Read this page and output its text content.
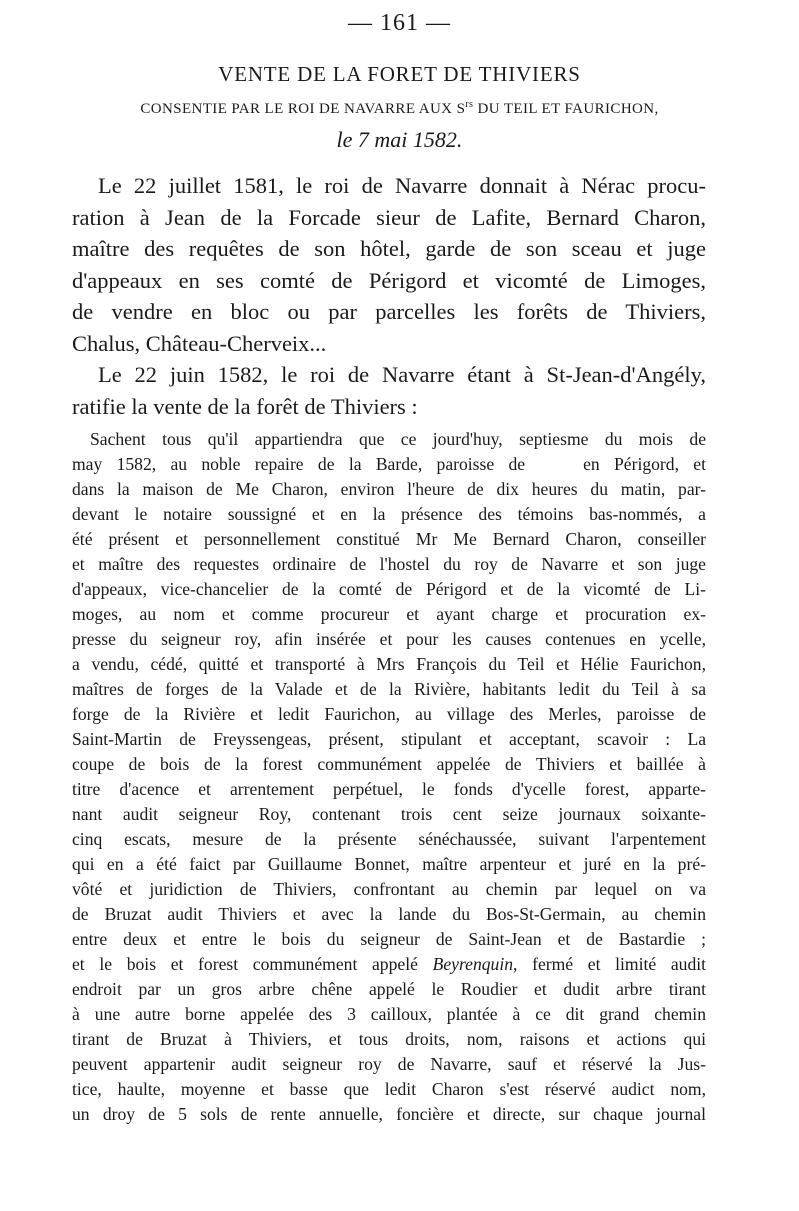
— 161 —
VENTE DE LA FORET DE THIVIERS
CONSENTIE PAR LE ROI DE NAVARRE AUX $S^{rs}$ DU TEIL ET FAURICHON,
le 7 mai 1582.

Le 22 juillet 1581, le roi de Navarre donnait à Nérac procu-
ration à Jean de la Forcade sieur de Lafite, Bernard Charon,
maître des requêtes de son hôtel, garde de son sceau et juge
d'appeaux en ses comté de Périgord et vicomté de Limoges,
de vendre en bloc ou par parcelles les forêts de Thiviers,
Chalus, Château-Cherveix...

Le 22 juin 1582, le roi de Navarre étant à St-Jean-d'Angély,
ratifie la vente de la forêt de Thiviers :

Sachent tous qu'il appartiendra que ce jourd'huy, septiesme du mois de
may 1582, au noble repaire de la Barde, paroisse de	en Périgord, et
dans la maison de Me Charon, environ l'heure de dix heures du matin, par-
devant le notaire soussigné et en la présence des témoins bas-nommés, a
été présent et personnellement constitué Mr Me Bernard Charon, conseiller
et maître des requestes ordinaire de l'hostel du roy de Navarre et son juge
d'appeaux, vice-chancelier de la comté de Périgord et de la vicomté de Li-
moges, au nom et comme procureur et ayant charge et procuration ex-
presse du seigneur roy, afin insérée et pour les causes contenues en ycelle,
a vendu, cédé, quitté et transporté à Mrs François du Teil et Hélie Faurichon,
maîtres de forges de la Valade et de la Rivière, habitants ledit du Teil à sa
forge de la Rivière et ledit Faurichon, au village des Merles, paroisse de
Saint-Martin de Freyssengeas, présent, stipulant et acceptant, scavoir : La
coupe de bois de la forest communément appelée de Thiviers et baillée à
titre d'acence et arrentement perpétuel, le fonds d'ycelle forest, apparte-
nant audit seigneur Roy, contenant trois cent seize journaux soixante-
cinq escats, mesure de la présente sénéchaussée, suivant l'arpentement
qui en a été faict par Guillaume Bonnet, maître arpenteur et juré en la pré-
vôté et juridiction de Thiviers, confrontant au chemin par lequel on va
de Bruzat audit Thiviers et avec la lande du Bos-St-Germain, au chemin
entre deux et entre le bois du seigneur de Saint-Jean et de Bastardie ;
et le bois et forest communément appelé Beyrenquin, fermé et limité audit
endroit par un gros arbre chêne appelé le Roudier et dudit arbre tirant
à une autre borne appelée des 3 cailloux, plantée à ce dit grand chemin
tirant de Bruzat à Thiviers, et tous droits, nom, raisons et actions qui
peuvent appartenir audit seigneur roy de Navarre, sauf et réservé la Jus-
tice, haulte, moyenne et basse que ledit Charon s'est réservé audict nom,
un droy de 5 sols de rente annuelle, foncière et directe, sur chaque journal
